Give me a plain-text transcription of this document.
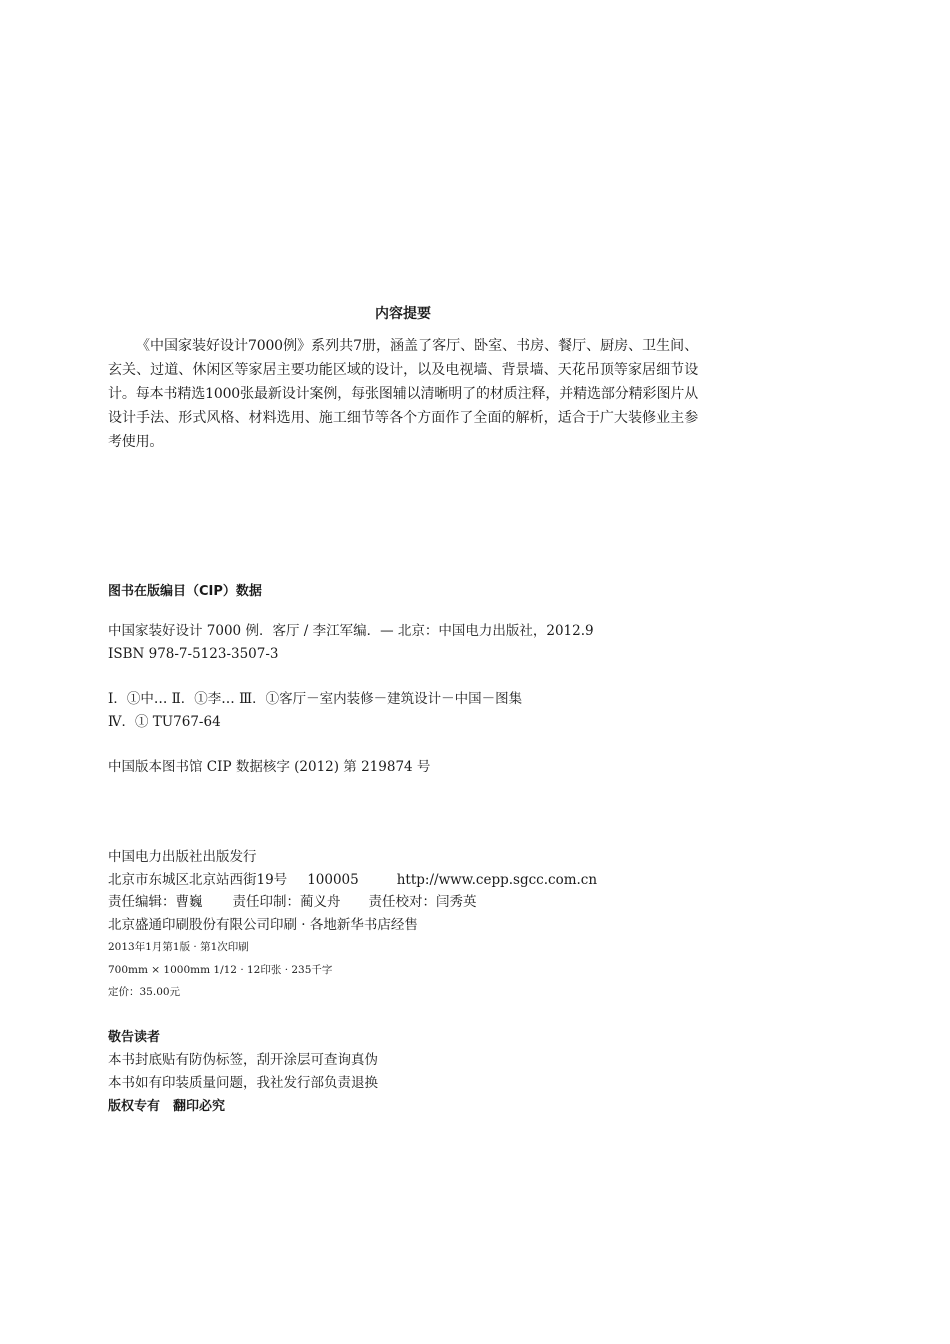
内容提要

《中国家装好设计7000例》系列共7册，涵盖了客厅、卧室、书房、餐厅、厨房、卫生间、玄关、过道、休闲区等家居主要功能区域的设计，以及电视墙、背景墙、天花吊顶等家居细节设计。每本书精选1000张最新设计案例，每张图辅以清晰明了的材质注释，并精选部分精彩图片从设计手法、形式风格、材料选用、施工细节等各个方面作了全面的解析，适合于广大装修业主参考使用。

图书在版编目（CIP）数据
中国家装好设计 7000 例．客厅 / 李江军编．— 北京：中国电力出版社，2012.9
ISBN 978-7-5123-3507-3
Ⅰ．①中… Ⅱ．①李… Ⅲ．①客厅－室内装修－建筑设计－中国－图集
Ⅳ．① TU767-64
中国版本图书馆 CIP 数据核字 (2012) 第 219874 号
中国电力出版社出版发行
北京市东城区北京站西街19号 100005	http://www.cepp.sgcc.com.cn
责任编辑：曹巍 责任印制：蔺义舟 责任校对：闫秀英
北京盛通印刷股份有限公司印刷 · 各地新华书店经售
2013年1月第1版 · 第1次印刷
700mm × 1000mm 1/12 · 12印张 · 235千字
定价：35.00元
敬告读者
本书封底贴有防伪标签，刮开涂层可查询真伪
本书如有印装质量问题，我社发行部负责退换
版权专有　翻印必究
